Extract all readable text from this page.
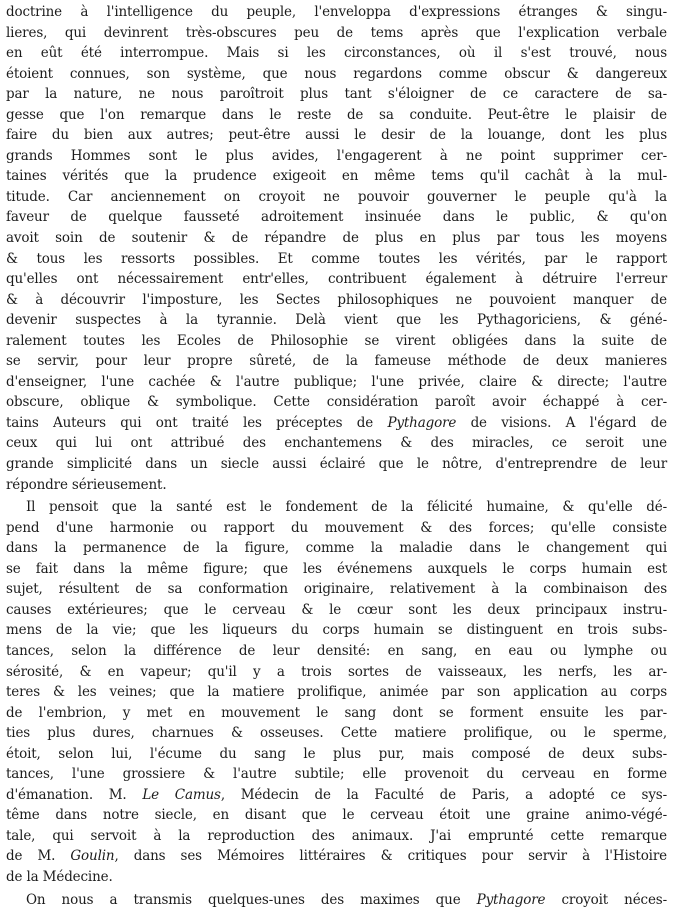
doctrine à l'intelligence du peuple, l'enveloppa d'expressions étranges & singu-
lieres, qui devinrent très-obscures peu de tems après que l'explication verbale
en eût été interrompue. Mais si les circonstances, où il s'est trouvé, nous
étoient connues, son système, que nous regardons comme obscur & dangereux
par la nature, ne nous paroîtroit plus tant s'éloigner de ce caractere de sa-
gesse que l'on remarque dans le reste de sa conduite. Peut-être le plaisir de
faire du bien aux autres; peut-être aussi le desir de la louange, dont les plus
grands Hommes sont le plus avides, l'engagerent à ne point supprimer cer-
taines vérités que la prudence exigeoit en même tems qu'il cachât à la mul-
titude. Car anciennement on croyoit ne pouvoir gouverner le peuple qu'à la
faveur de quelque fausseté adroitement insinuée dans le public, & qu'on
avoit soin de soutenir & de répandre de plus en plus par tous les moyens
& tous les ressorts possibles. Et comme toutes les vérités, par le rapport
qu'elles ont nécessairement entr'elles, contribuent également à détruire l'erreur
& à découvrir l'imposture, les Sectes philosophiques ne pouvoient manquer de
devenir suspectes à la tyrannie. Delà vient que les Pythagoriciens, & géné-
ralement toutes les Ecoles de Philosophie se virent obligées dans la suite de
se servir, pour leur propre sûreté, de la fameuse méthode de deux manieres
d'enseigner, l'une cachée & l'autre publique; l'une privée, claire & directe; l'autre
obscure, oblique & symbolique. Cette considération paroît avoir échappé à cer-
tains Auteurs qui ont traité les préceptes de Pythagore de visions. A l'égard de
ceux qui lui ont attribué des enchantemens & des miracles, ce seroit une
grande simplicité dans un siecle aussi éclairé que le nôtre, d'entreprendre de leur
répondre sérieusement.
Il pensoit que la santé est le fondement de la félicité humaine, & qu'elle dé-
pend d'une harmonie ou rapport du mouvement & des forces; qu'elle consiste
dans la permanence de la figure, comme la maladie dans le changement qui
se fait dans la même figure; que les événemens auxquels le corps humain est
sujet, résultent de sa conformation originaire, relativement à la combinaison des
causes extérieures; que le cerveau & le cœur sont les deux principaux instru-
mens de la vie; que les liqueurs du corps humain se distinguent en trois subs-
tances, selon la différence de leur densité: en sang, en eau ou lymphe ou
sérosité, & en vapeur; qu'il y a trois sortes de vaisseaux, les nerfs, les ar-
teres & les veines; que la matiere prolifique, animée par son application au corps
de l'embrion, y met en mouvement le sang dont se forment ensuite les par-
ties plus dures, charnues & osseuses. Cette matiere prolifique, ou le sperme,
étoit, selon lui, l'écume du sang le plus pur, mais composé de deux subs-
tances, l'une grossiere & l'autre subtile; elle provenoit du cerveau en forme
d'émanation. M. Le Camus, Médecin de la Faculté de Paris, a adopté ce sys-
tême dans notre siecle, en disant que le cerveau étoit une graine animo-végé-
tale, qui servoit à la reproduction des animaux. J'ai emprunté cette remarque
de M. Goulin, dans ses Mémoires littéraires & critiques pour servir à l'Histoire
de la Médecine.
On nous a transmis quelques-unes des maximes que Pythagore croyoit néces-
